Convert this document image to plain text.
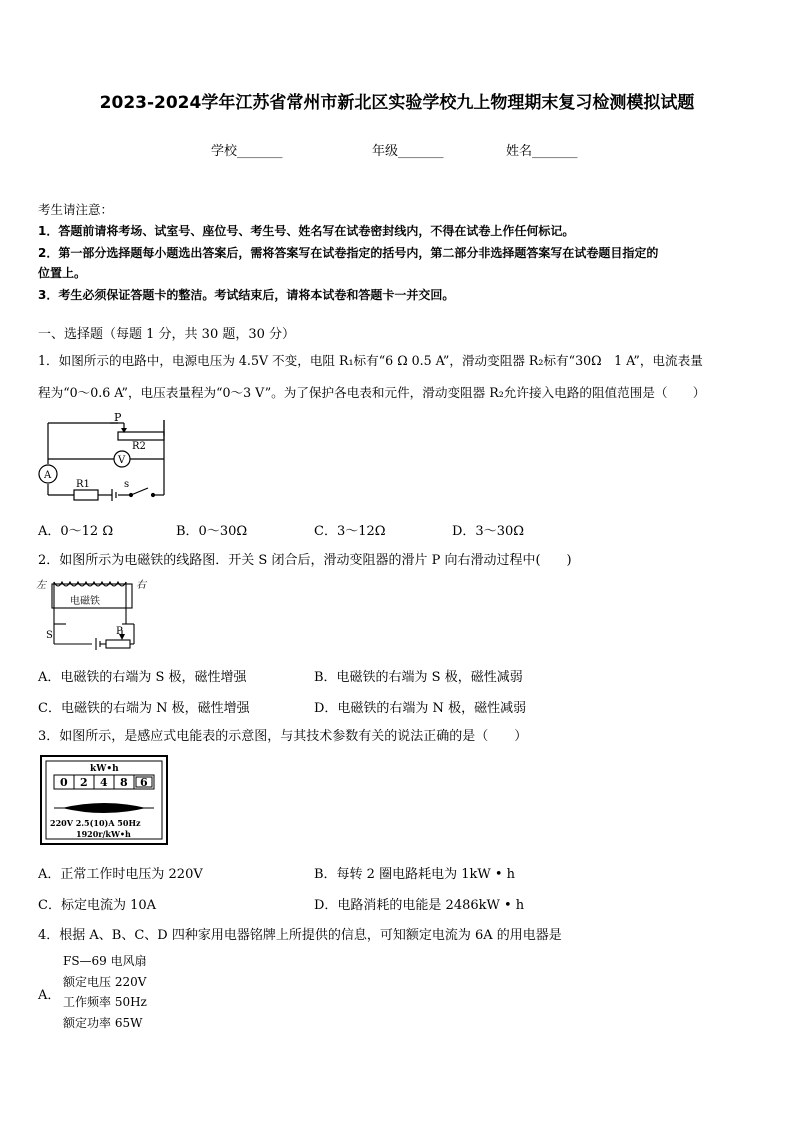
2023-2024学年江苏省常州市新北区实验学校九上物理期末复习检测模拟试题
学校_______	年级_______	姓名_______
考生请注意：
1．答题前请将考场、试室号、座位号、考生号、姓名写在试卷密封线内，不得在试卷上作任何标记。
2．第一部分选择题每小题选出答案后，需将答案写在试卷指定的括号内，第二部分非选择题答案写在试卷题目指定的
位置上。
3．考生必须保证答题卡的整洁。考试结束后，请将本试卷和答题卡一并交回。
一、选择题（每题 1 分，共 30 题，30 分）
1．如图所示的电路中，电源电压为 4.5V 不变，电阻 R₁标有“6 Ω 0.5 A”，滑动变阻器 R₂标有“30Ω　1 A”，电流表量
程为“0～0.6 A”，电压表量程为“0～3 V”。为了保护各电表和元件，滑动变阻器 R₂允许接入电路的阻值范围是（　　）
P
R2
V
A
R1	s
A．0～12 Ω	B．0～30Ω	C．3～12Ω	D．3～30Ω
2．如图所示为电磁铁的线路图．开关 S 闭合后，滑动变阻器的滑片 P 向右滑动过程中(　　)
左	右
电磁铁
S	P
A．电磁铁的右端为 S 极，磁性增强	B．电磁铁的右端为 S 极，磁性减弱
C．电磁铁的右端为 N 极，磁性增强	D．电磁铁的右端为 N 极，磁性减弱
3．如图所示，是感应式电能表的示意图，与其技术参数有关的说法正确的是（　　）
kW•h
0 2 4 8 6
220V 2.5(10)A 50Hz
1920r/kW•h
A．正常工作时电压为 220V	B．每转 2 圈电路耗电为 1kW • h
C．标定电流为 10A	D．电路消耗的电能是 2486kW • h
4．根据 A、B、C、D 四种家用电器铭牌上所提供的信息，可知额定电流为 6A 的用电器是
A．
FS—69 电风扇
额定电压 220V
工作频率 50Hz
额定功率 65W
